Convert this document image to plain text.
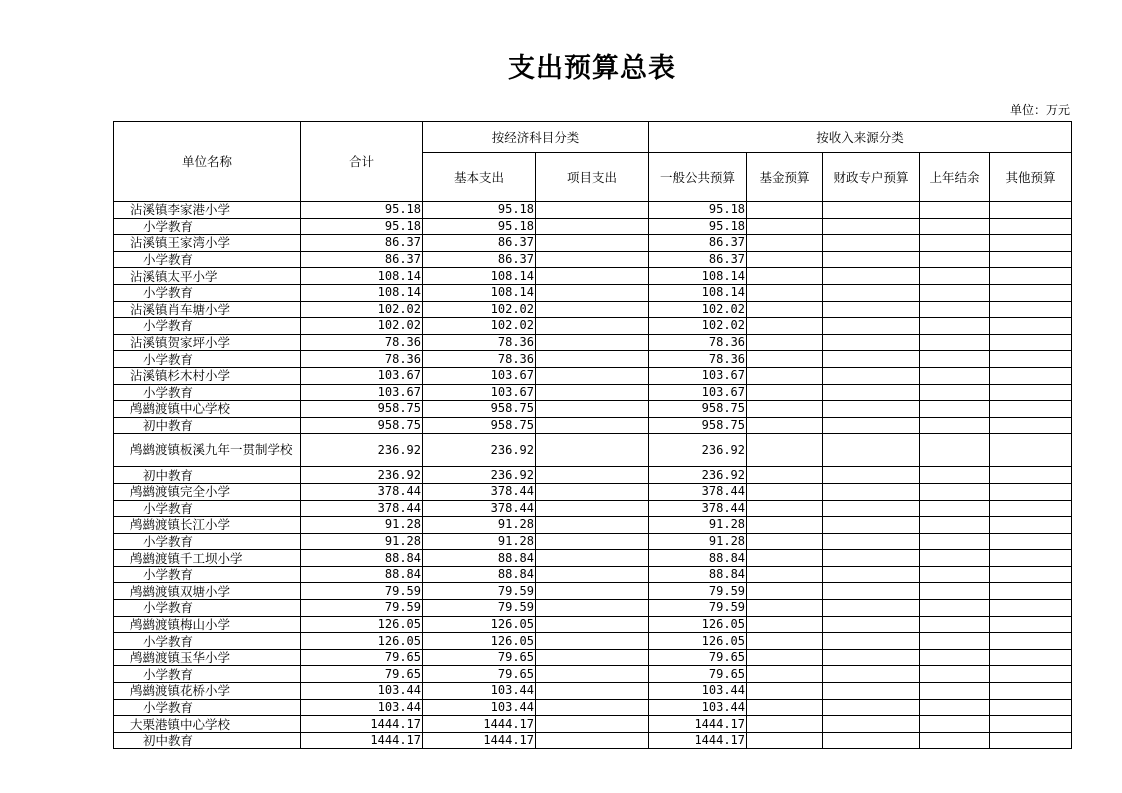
支出预算总表
单位：万元
单位名称	合计	按经济科目分类		按收入来源分类				
		基本支出	项目支出	一般公共预算	基金预算	财政专户预算	上年结余	其他预算
沾溪镇李家港小学	95.18	95.18		95.18				
小学教育	95.18	95.18		95.18				
沾溪镇王家湾小学	86.37	86.37		86.37				
小学教育	86.37	86.37		86.37				
沾溪镇太平小学	108.14	108.14		108.14				
小学教育	108.14	108.14		108.14				
沾溪镇肖车塘小学	102.02	102.02		102.02				
小学教育	102.02	102.02		102.02				
沾溪镇贺家坪小学	78.36	78.36		78.36				
小学教育	78.36	78.36		78.36				
沾溪镇杉木村小学	103.67	103.67		103.67				
小学教育	103.67	103.67		103.67				
鸬鹚渡镇中心学校	958.75	958.75		958.75				
初中教育	958.75	958.75		958.75				
鸬鹚渡镇板溪九年一贯制学校	236.92	236.92		236.92				
初中教育	236.92	236.92		236.92				
鸬鹚渡镇完全小学	378.44	378.44		378.44				
小学教育	378.44	378.44		378.44				
鸬鹚渡镇长江小学	91.28	91.28		91.28				
小学教育	91.28	91.28		91.28				
鸬鹚渡镇千工坝小学	88.84	88.84		88.84				
小学教育	88.84	88.84		88.84				
鸬鹚渡镇双塘小学	79.59	79.59		79.59				
小学教育	79.59	79.59		79.59				
鸬鹚渡镇梅山小学	126.05	126.05		126.05				
小学教育	126.05	126.05		126.05				
鸬鹚渡镇玉华小学	79.65	79.65		79.65				
小学教育	79.65	79.65		79.65				
鸬鹚渡镇花桥小学	103.44	103.44		103.44				
小学教育	103.44	103.44		103.44				
大栗港镇中心学校	1444.17	1444.17		1444.17				
初中教育	1444.17	1444.17		1444.17				
